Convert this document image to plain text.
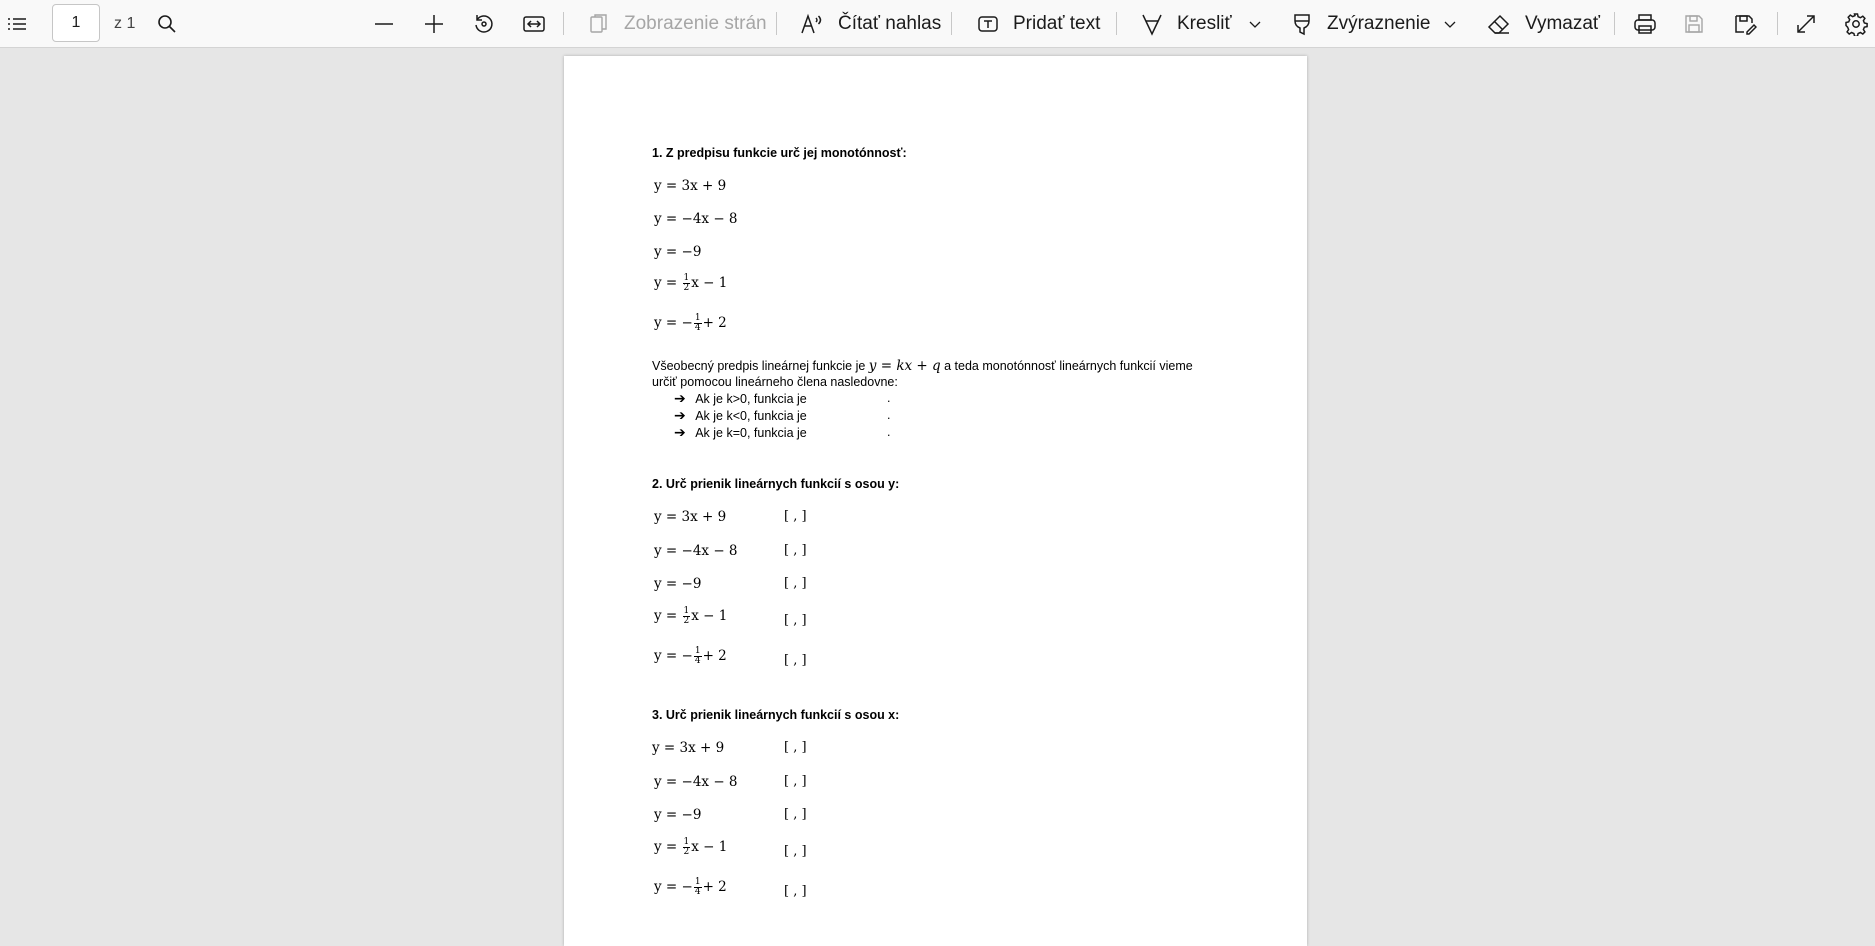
1
z 1	Zobrazenie strán	Čítať nahlas	Pridať text	Kresliť	Zvýraznenie	Vymazať
1. Z predpisu funkcie urč jej monotónnosť:
y = 3x + 9
y = −4x − 8
y = −9
$y = \frac{1}{2}$ x − 1
y = − $\frac{1}{4} + 2$
Všeobecný predpis lineárnej funkcie je y = kx + q a teda monotónnosť lineárnych funkcií vieme
určiť pomocou lineárneho člena nasledovne:
➔ Ak je k>0, funkcia je	.
➔ Ak je k<0, funkcia je	.
➔ Ak je k=0, funkcia je	.
2. Urč prienik lineárnych funkcií s osou y:
y = 3x + 9	[ , ]
y = −4x − 8	[ , ]
y = −9	[ , ]
$y = \frac{1}{2}$ x − 1	[ , ]
y = − $\frac{1}{4} + 2$	[ , ]
3. Urč prienik lineárnych funkcií s osou x:
y = 3x + 9	[ , ]
y = −4x − 8	[ , ]
y = −9	[ , ]
$y = \frac{1}{2}$ x − 1	[ , ]
y = − $\frac{1}{4} + 2$	[ , ]
